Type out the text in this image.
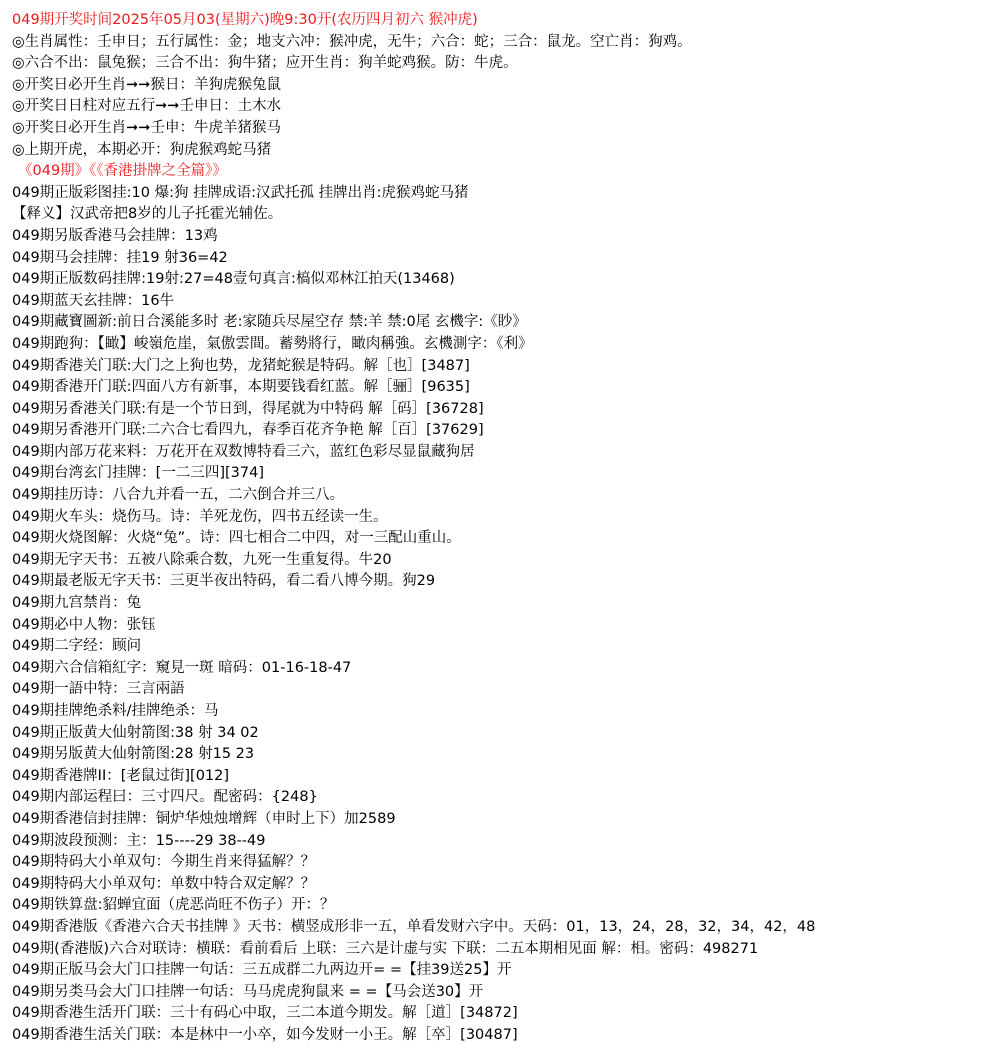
049期开奖时间2025年05月03(星期六)晚9:30开(农历四月初六 猴冲虎)
◎生肖属性：壬申日；五行属性：金；地支六冲：猴冲虎，无牛；六合：蛇；三合：鼠龙。空亡肖：狗鸡。
◎六合不出：鼠兔猴；三合不出：狗牛猪；应开生肖：狗羊蛇鸡猴。防：牛虎。
◎开奖日必开生肖➞➞猴日：羊狗虎猴兔鼠
◎开奖日日柱对应五行➞➞壬申日：土木水
◎开奖日必开生肖➞➞壬申：牛虎羊猪猴马
◎上期开虎，本期必开：狗虎猴鸡蛇马猪
《049期》《《香港掛牌之全篇》》
049期正版彩图挂:10 爆:狗 挂牌成语:汉武托孤 挂牌出肖:虎猴鸡蛇马猪
【释义】汉武帝把8岁的儿子托霍光辅佐。
049期另版香港马会挂牌：13鸡
049期马会挂牌：挂19 射36=42
049期正版数码挂牌:19射:27=48壹句真言:槁似邓林江拍天(13468)
049期蓝天玄挂牌：16牛
049期藏寶圖新:前日合溪能多时 老:家随兵尽屋空存 禁:羊 禁:0尾 玄機字:《眇》
049期跑狗：【瞰】峻嶺危崖，氣傲雲間。蓄勢將行，瞰肉稱強。玄機測字：《利》
049期香港关门联:大门之上狗也势，龙猪蛇猴是特码。解［也］[3487]
049期香港开门联:四面八方有新事，本期要钱看红蓝。解［骊］[9635]
049期另香港关门联:有是一个节日到，得尾就为中特码 解［码］[36728]
049期另香港开门联:二六合七看四九，春季百花齐争艳 解［百］[37629]
049期内部万花来料：万花开在双数博特看三六，蓝红色彩尽显鼠藏狗居
049期台湾玄门挂牌：[一二三四][374]
049期挂历诗：八合九并看一五，二六倒合并三八。
049期火车头：烧伤马。诗：羊死龙伤，四书五经读一生。
049期火烧图解：火烧“兔”。诗：四七相合二中四，对一三配山重山。
049期无字天书：五被八除乘合数，九死一生重复得。牛20
049期最老版无字天书：三更半夜出特码，看二看八博今期。狗29
049期九宫禁肖：兔
049期必中人物：张钰
049期二字经：顾问
049期六合信箱紅字：窺見一斑 暗码：01-16-18-47
049期一語中特：三言兩語
049期挂牌绝杀料/挂牌绝杀：马
049期正版黄大仙射箭图:38 射 34 02
049期另版黄大仙射箭图:28 射15 23
049期香港牌II：[老鼠过街][012]
049期内部运程曰：三寸四尺。配密码：{248}
049期香港信封挂牌：铜炉华烛烛增辉（申时上下）加2589
049期波段预测：主：15----29 38--49
049期特码大小单双句：今期生肖来得猛解？？
049期特码大小单双句：单数中特合双定解？？
049期铁算盘:貂蝉宜面（虎恶尚旺不伤子）开：？
049期香港版《香港六合天书挂牌 》天书：横竖成形非一五，单看发财六字中。天码：01，13，24，28，32，34，42，48
049期(香港版)六合对联诗：横联：看前看后 上联：三六是计虚与实 下联：二五本期相见面 解：相。密码：498271
049期正版马会大门口挂牌一句话：三五成群二九两边开= =【挂39送25】开
049期另类马会大门口挂牌一句话：马马虎虎狗鼠来 = =【马会送30】开
049期香港生活开门联：三十有码心中取，三二本道今期发。解［道］[34872]
049期香港生活关门联：本是林中一小卒，如今发财一小王。解［卒］[30487]
